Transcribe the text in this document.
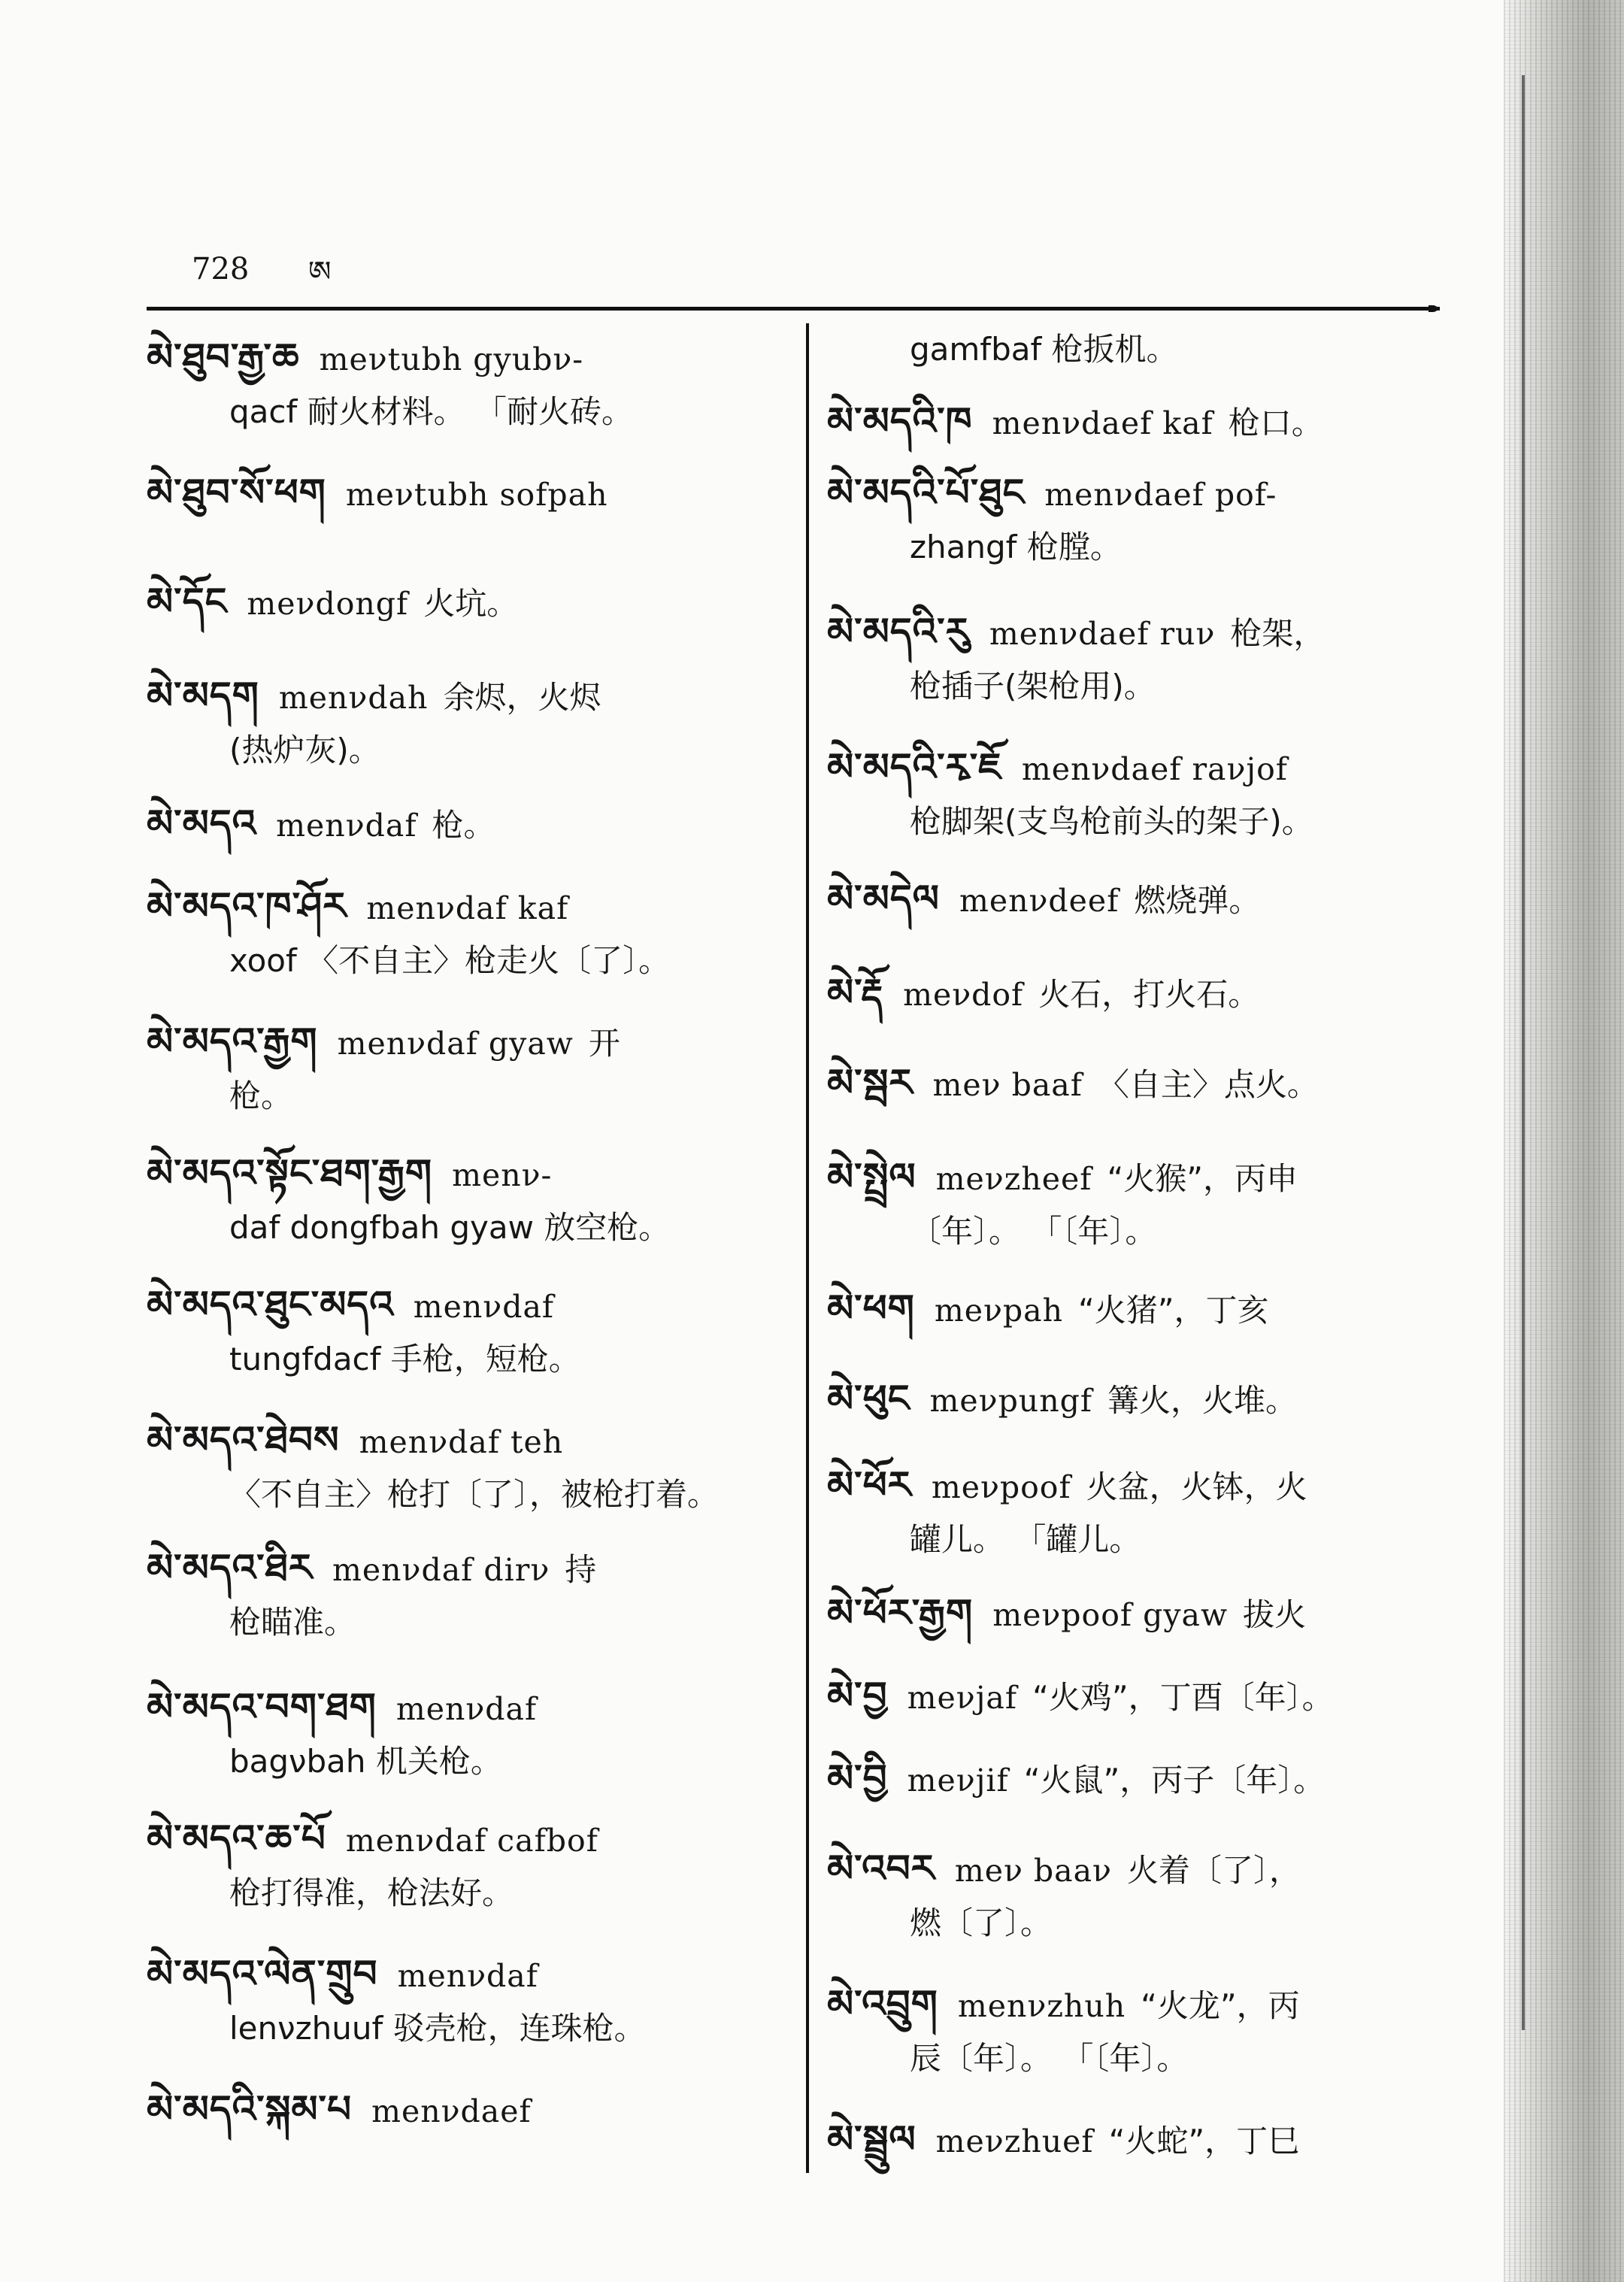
728 ཨ
མེ་ཐུབ་རྒྱ་ཆ meνtubh gyubν-
qacf 耐火材料。 「耐火砖。
མེ་ཐུབ་སོ་ཕག meνtubh sofpah
མེ་དོང meνdongf 火坑。
མེ་མདག menνdah 余烬，火烬
(热炉灰)。
མེ་མདའ menνdaf 枪。
མེ་མདའ་ཁ་ཤོར menνdaf kaf
xoof 〈不自主〉枪走火〔了〕。
མེ་མདའ་རྒྱག menνdaf gyaw 开
枪。
མེ་མདའ་སྟོང་ཐག་རྒྱག menν-
daf dongfbah gyaw 放空枪。
མེ་མདའ་ཐུང་མདའ menνdaf
tungfdacf 手枪，短枪。
མེ་མདའ་ཐེབས menνdaf teh
〈不自主〉枪打〔了〕，被枪打着。
མེ་མདའ་ཐིར menνdaf dirν 持
枪瞄准。
མེ་མདའ་བག་ཐག menνdaf
bagνbah 机关枪。
མེ་མདའ་ཆ་པོ menνdaf cafbof
枪打得准，枪法好。
མེ་མདའ་ལེན་གྲུབ menνdaf
lenνzhuuf 驳壳枪，连珠枪。
མེ་མདའི་སྐམ་པ menνdaef
gamfbaf 枪扳机。
མེ་མདའི་ཁ menνdaef kaf 枪口。
མེ་མདའི་པོ་ཐུང menνdaef pof-
zhangf 枪膛。
མེ་མདའི་རུ menνdaef ruν 枪架，
枪插子(架枪用)。
མེ་མདའི་རྭ་ཇོ menνdaef raνjof
枪脚架(支鸟枪前头的架子)。
མེ་མདེལ menνdeef 燃烧弹。
མེ་རྡོ meνdof 火石，打火石。
མེ་སྦར meν baaf 〈自主〉点火。
མེ་སྤྲེལ meνzheef “火猴”，丙申
〔年〕。 「〔年〕。
མེ་ཕག meνpah “火猪”，丁亥
མེ་ཕུང meνpungf 篝火，火堆。
མེ་ཕོར meνpoof 火盆，火钵，火
罐儿。 「罐儿。
མེ་ཕོར་རྒྱག meνpoof gyaw 拔火
མེ་བྱ meνjaf “火鸡”，丁酉〔年〕。
མེ་བྱི meνjif “火鼠”，丙子〔年〕。
མེ་འབར meν baaν 火着〔了〕，
燃〔了〕。
མེ་འབྲུག menνzhuh “火龙”，丙
辰〔年〕。 「〔年〕。
མེ་སྦྲུལ meνzhuef “火蛇”，丁巳
